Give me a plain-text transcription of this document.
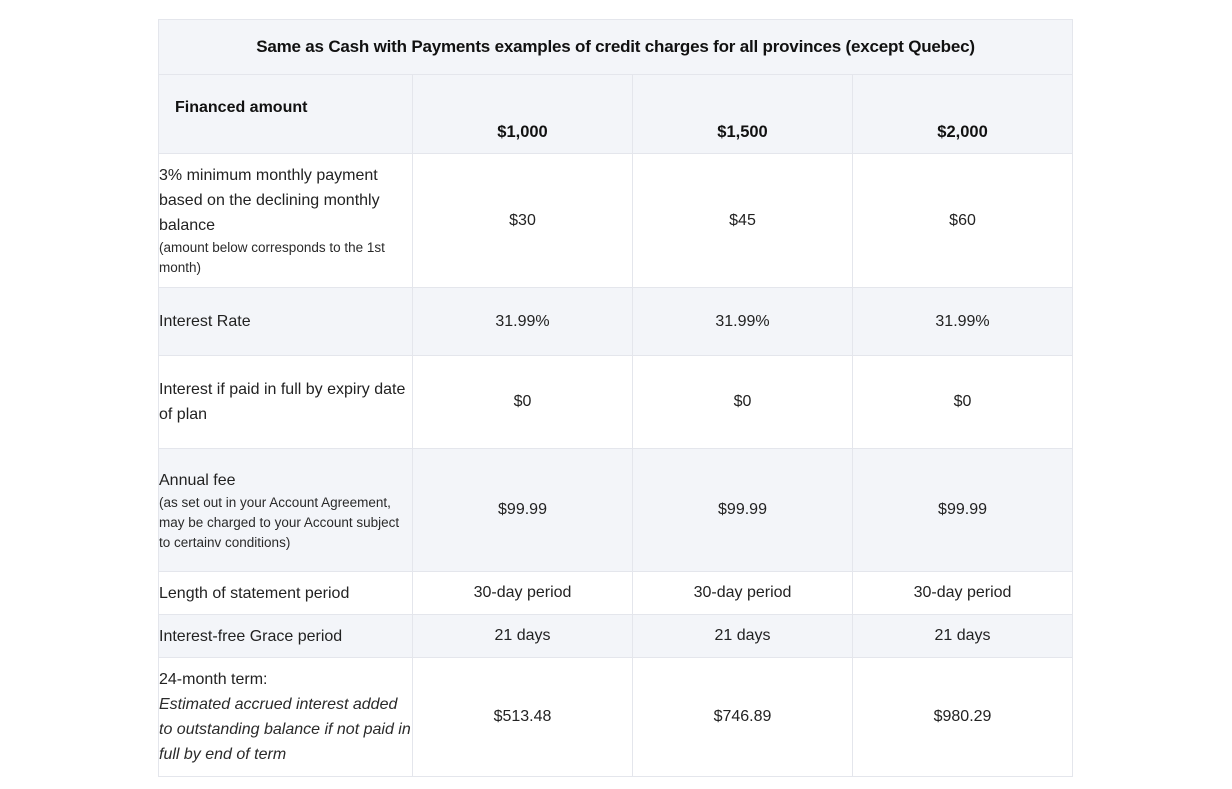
Same as Cash with Payments examples of credit charges for all provinces (except Quebec)			
Financed amount	$1,000	$1,500	$2,000

3% minimum monthly payment based on the declining monthly balance
(amount below corresponds to the 1st month)	$30	$45	$60
Interest Rate	31.99%	31.99%	31.99%
Interest if paid in full by expiry date of plan	$0	$0	$0

Annual fee
(as set out in your Account Agreement, may be charged to your Account subject to certainv conditions)	$99.99	$99.99	$99.99
Length of statement period	30-day period	30-day period	30-day period
Interest-free Grace period	21 days	21 days	21 days

24-month term:
Estimated accrued interest added to outstanding balance if not paid in full by end of term	$513.48	$746.89	$980.29
